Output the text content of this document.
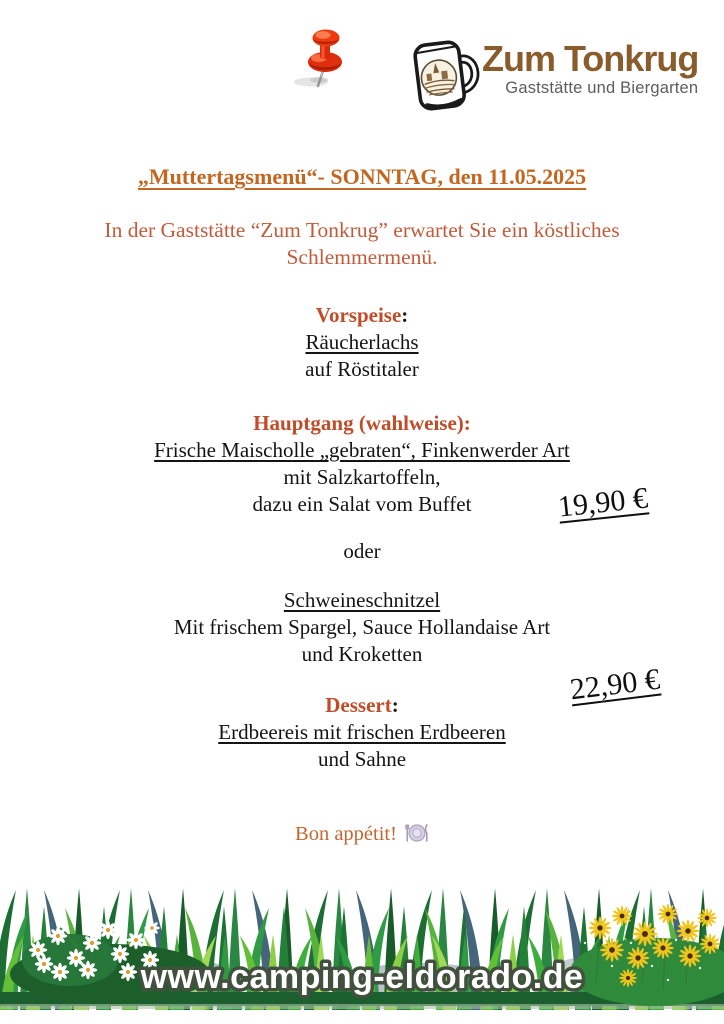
Zum Tonkrug
Gaststätte und Biergarten
„Muttertagsmenü“- SONNTAG, den 11.05.2025
In der Gaststätte “Zum Tonkrug” erwartet Sie ein köstliches
Schlemmermenü.
Vorspeise:
Räucherlachs
auf Röstitaler
Hauptgang (wahlweise):
Frische Maischolle „gebraten“, Finkenwerder Art
mit Salzkartoffeln,
dazu ein Salat vom Buffet	19,90 €
oder
Schweineschnitzel
Mit frischem Spargel, Sauce Hollandaise Art
und Kroketten
22,90 €
Dessert:
Erdbeereis mit frischen Erdbeeren
und Sahne
Bon appétit!
www.camping-eldorado.de
